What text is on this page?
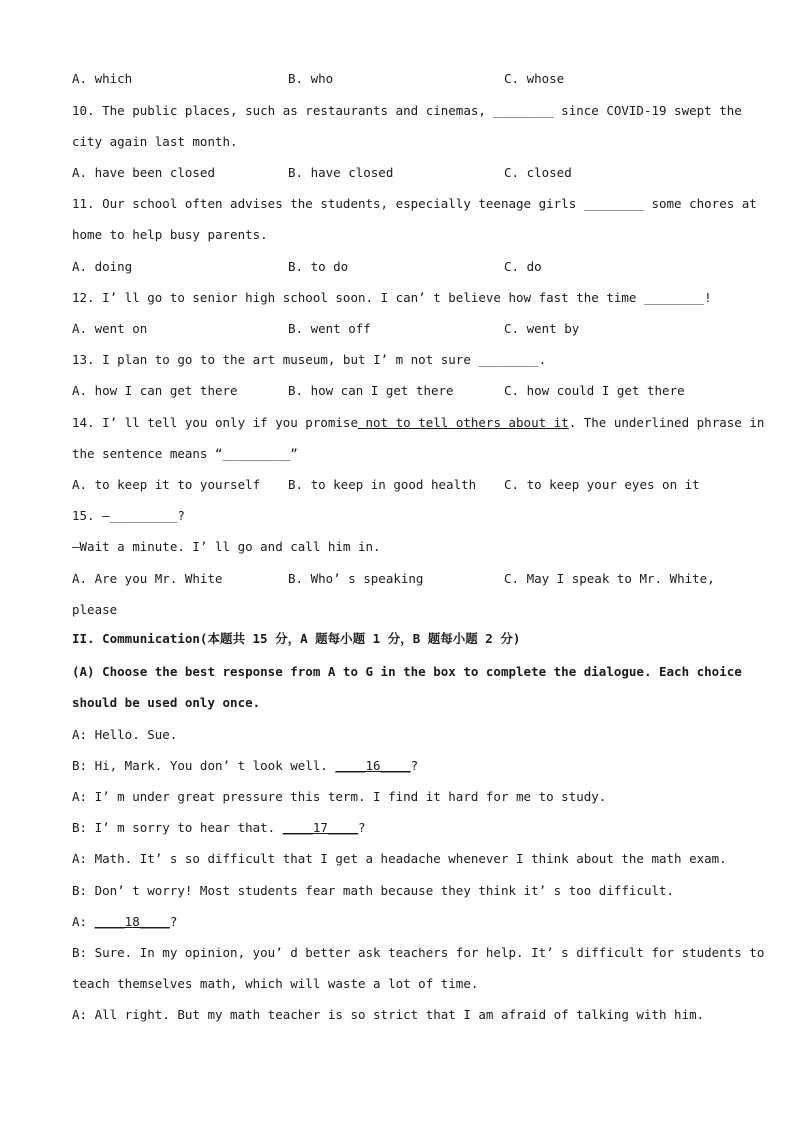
A. which	B. who	C. whose
10. The public places, such as restaurants and cinemas, ________ since COVID-19 swept the
city again last month.
A. have been closed	B. have closed	C. closed
11. Our school often advises the students, especially teenage girls ________ some chores at
home to help busy parents.
A. doing	B. to do	C. do
12. I’ ll go to senior high school soon. I can’ t believe how fast the time ________!
A. went on	B. went off	C. went by
13. I plan to go to the art museum, but I’ m not sure ________.
A. how I can get there	B. how can I get there	C. how could I get there
14. I’ ll tell you only if you promise not to tell others about it. The underlined phrase in
the sentence means “_________”
A. to keep it to yourself B. to keep in good health C. to keep your eyes on it
15. —_________?
—Wait a minute. I’ ll go and call him in.
A. Are you Mr. White	B. Who’ s speaking	C. May I speak to Mr. White,
please
II. Communication(本题共 15 分，A 题每小题 1 分，B 题每小题 2 分)
(A) Choose the best response from A to G in the box to complete the dialogue. Each choice
should be used only once.
A: Hello. Sue.
B: Hi, Mark. You don’ t look well. ____16____?
A: I’ m under great pressure this term. I find it hard for me to study.
B: I’ m sorry to hear that. ____17____?
A: Math. It’ s so difficult that I get a headache whenever I think about the math exam.
B: Don’ t worry! Most students fear math because they think it’ s too difficult.
A: ____18____?
B: Sure. In my opinion, you’ d better ask teachers for help. It’ s difficult for students to
teach themselves math, which will waste a lot of time.
A: All right. But my math teacher is so strict that I am afraid of talking with him.
